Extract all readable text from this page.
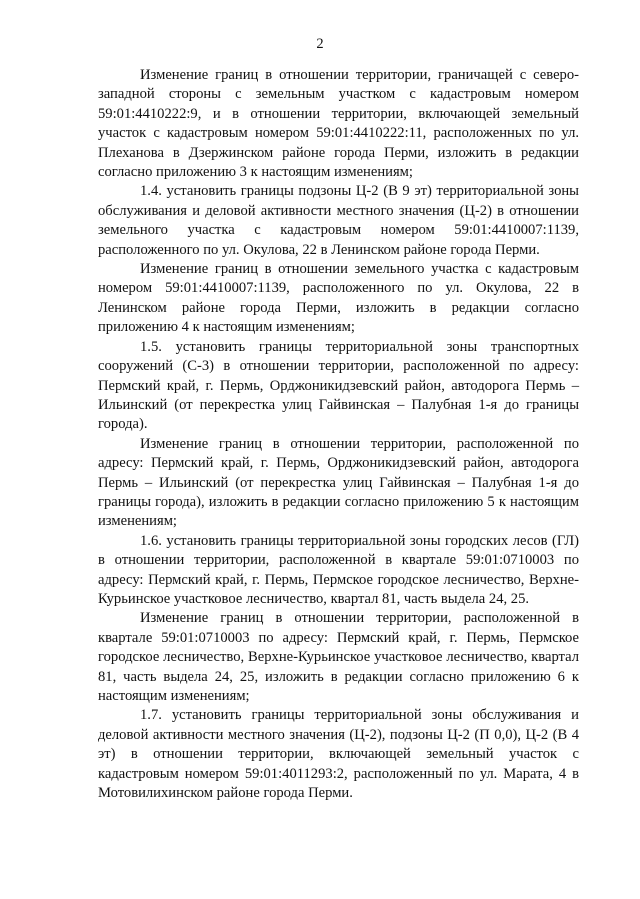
2

Изменение границ в отношении территории, граничащей с северо-западной стороны с земельным участком с кадастровым номером 59:01:4410222:9, и в отношении территории, включающей земельный участок с кадастровым номером 59:01:4410222:11, расположенных по ул. Плеханова в Дзержинском районе города Перми, изложить в редакции согласно приложению 3 к настоящим изменениям;

1.4. установить границы подзоны Ц-2 (В 9 эт) территориальной зоны обслуживания и деловой активности местного значения (Ц-2) в отношении земельного участка с кадастровым номером 59:01:4410007:1139, расположенного по ул. Окулова, 22 в Ленинском районе города Перми.

Изменение границ в отношении земельного участка с кадастровым номером 59:01:4410007:1139, расположенного по ул. Окулова, 22 в Ленинском районе города Перми, изложить в редакции согласно приложению 4 к настоящим изменениям;

1.5. установить границы территориальной зоны транспортных сооружений (С-3) в отношении территории, расположенной по адресу: Пермский край, г. Пермь, Орджоникидзевский район, автодорога Пермь – Ильинский (от перекрестка улиц Гайвинская – Палубная 1-я до границы города).

Изменение границ в отношении территории, расположенной по адресу: Пермский край, г. Пермь, Орджоникидзевский район, автодорога Пермь – Ильинский (от перекрестка улиц Гайвинская – Палубная 1-я до границы города), изложить в редакции согласно приложению 5 к настоящим изменениям;

1.6. установить границы территориальной зоны городских лесов (ГЛ) в отношении территории, расположенной в квартале 59:01:0710003 по адресу: Пермский край, г. Пермь, Пермское городское лесничество, Верхне-Курьинское участковое лесничество, квартал 81, часть выдела 24, 25.

Изменение границ в отношении территории, расположенной в квартале 59:01:0710003 по адресу: Пермский край, г. Пермь, Пермское городское лесничество, Верхне-Курьинское участковое лесничество, квартал 81, часть выдела 24, 25, изложить в редакции согласно приложению 6 к настоящим изменениям;

1.7. установить границы территориальной зоны обслуживания и деловой активности местного значения (Ц-2), подзоны Ц-2 (П 0,0), Ц-2 (В 4 эт) в отношении территории, включающей земельный участок с кадастровым номером 59:01:4011293:2, расположенный по ул. Марата, 4 в Мотовилихинском районе города Перми.
